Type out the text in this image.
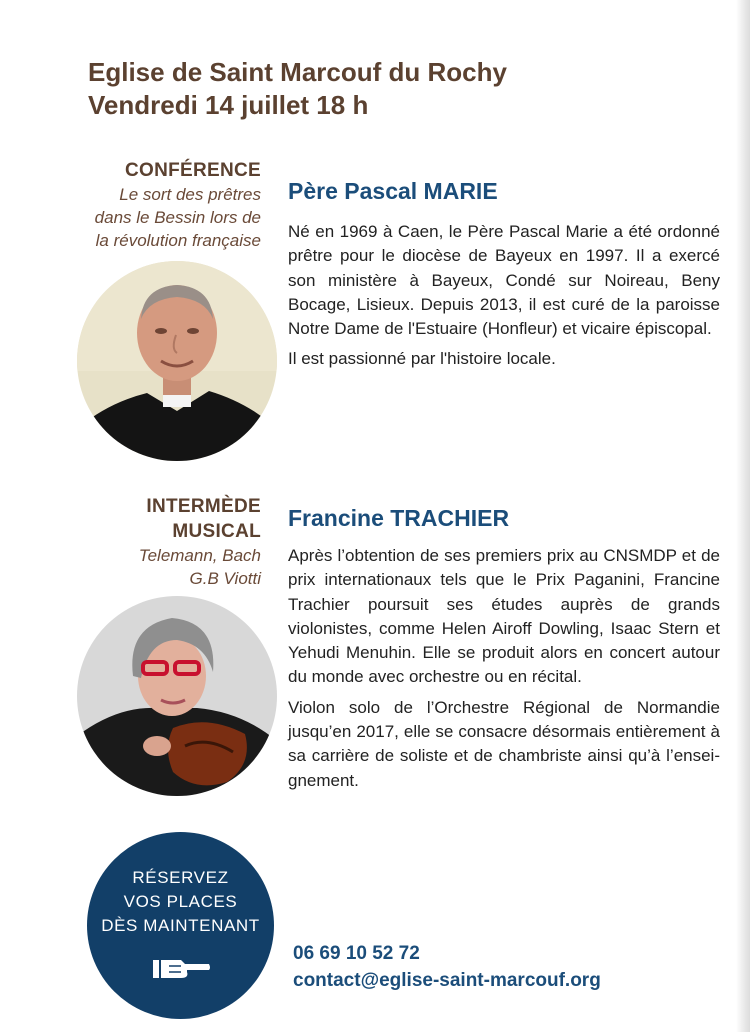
Eglise de Saint Marcouf du Rochy
Vendredi 14 juillet 18 h
CONFÉRENCE
Le sort des prêtres
dans le Bessin lors de
la révolution française
Père Pascal MARIE

Né en 1969 à Caen, le Père Pascal Marie a été ordonné prêtre pour le diocèse de Bayeux en 1997. Il a exercé son ministère à Bayeux, Condé sur Noireau, Beny Bocage, Lisieux. Depuis 2013, il est curé de la paroisse Notre Dame de l'Estuaire (Honfleur) et vicaire épiscopal.

Il est passionné par l'histoire locale.

INTERMÈDE
MUSICAL
Telemann, Bach
G.B Viotti
Francine TRACHIER

Après l’obtention de ses premiers prix au CNSMDP et de prix internationaux tels que le Prix Paganini, Francine Trachier poursuit ses études auprès de grands violonistes, comme Helen Airoff Dowling, Isaac Stern et Yehudi Menuhin. Elle se produit alors en concert autour du monde avec orchestre ou en récital.

Violon solo de l’Orchestre Régional de Normandie jusqu’en 2017, elle se consacre désormais entièrement à sa carrière de soliste et de chambriste ainsi qu’à l’ensei-gnement.

RÉSERVEZ
VOS PLACES
DÈS MAINTENANT
06 69 10 52 72
contact@eglise-saint-marcouf.org
